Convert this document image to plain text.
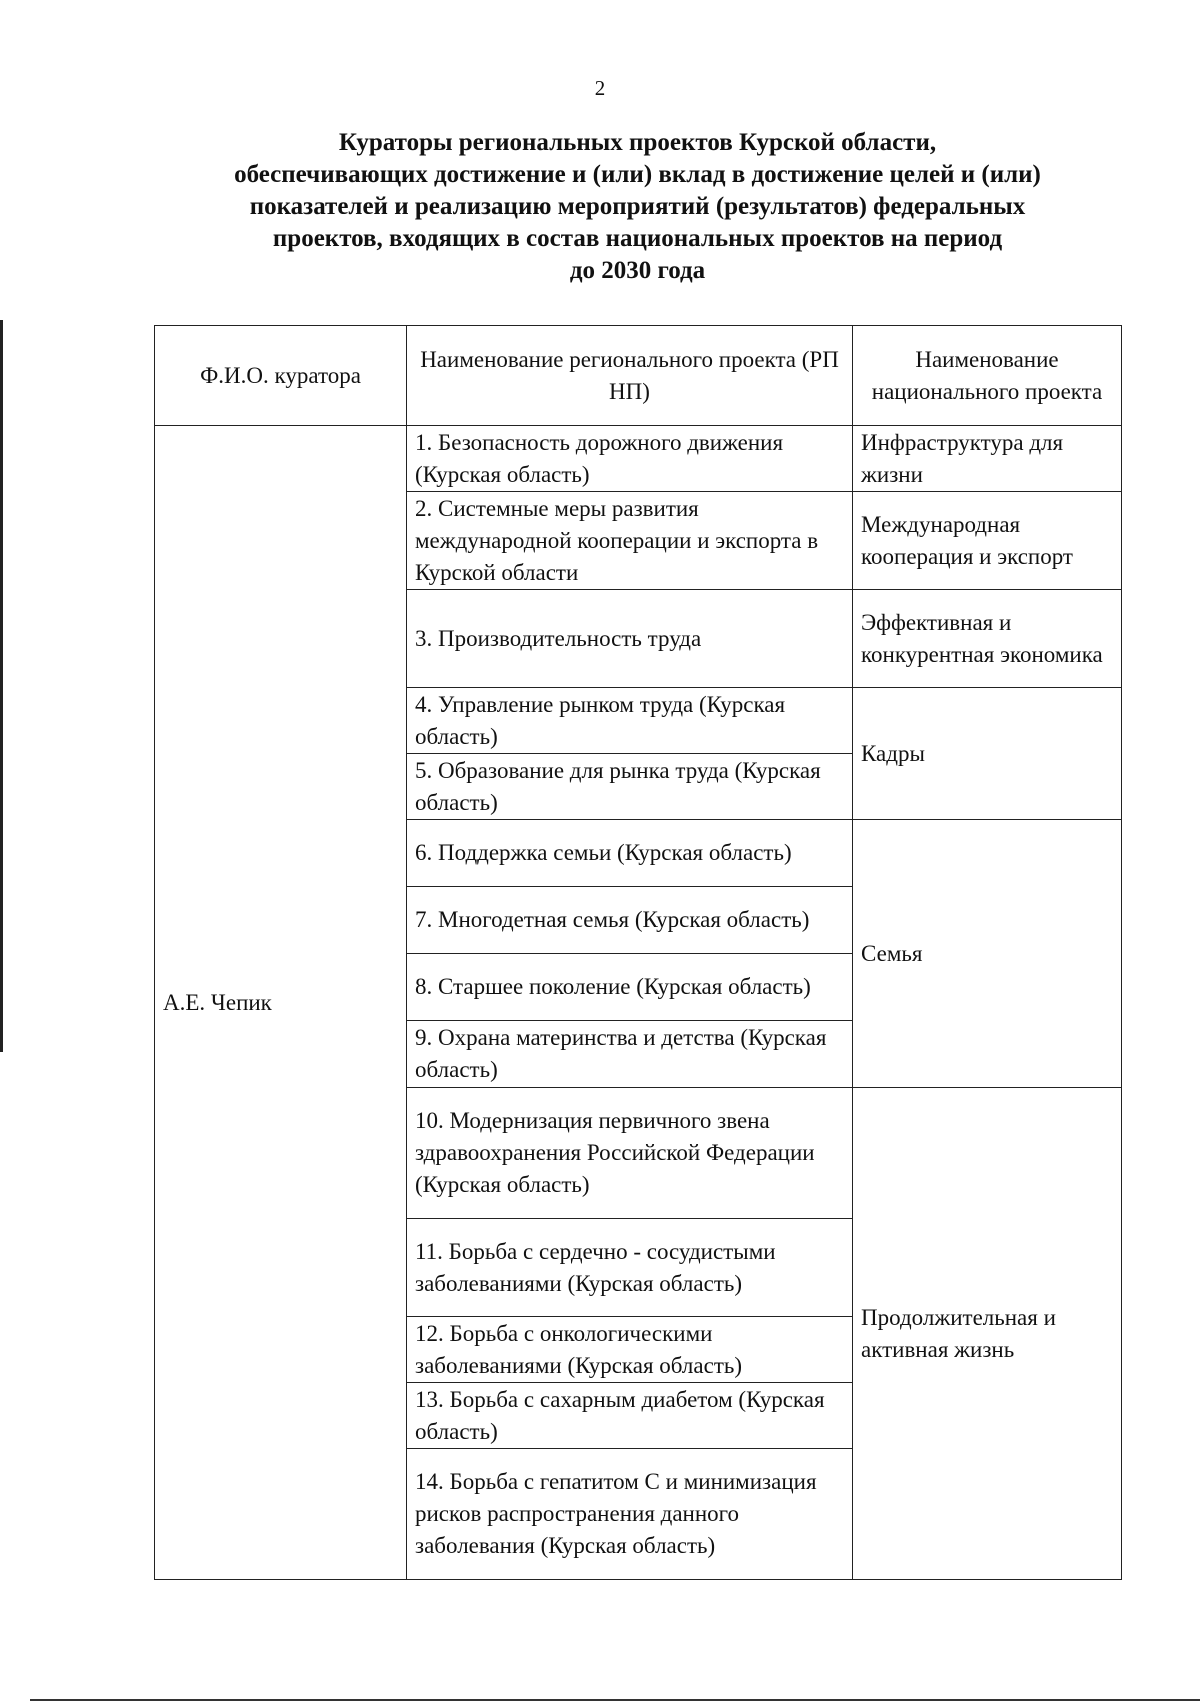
2
Кураторы региональных проектов Курской области,
обеспечивающих достижение и (или) вклад в достижение целей и (или)
показателей и реализацию мероприятий (результатов) федеральных
проектов, входящих в состав национальных проектов на период
до 2030 года
Ф.И.О. куратора	Наименование регионального проекта (РП НП)	Наименование национального проекта
А.Е. Чепик	1. Безопасность дорожного движения (Курская область)	Инфраструктура для жизни
	2. Системные меры развития международной кооперации и экспорта в Курской области	Международная кооперация и экспорт
	3. Производительность труда	Эффективная и конкурентная экономика
	4. Управление рынком труда (Курская область)	Кадры
	5. Образование для рынка труда (Курская область)	
	6. Поддержка семьи (Курская область)	Семья
	7. Многодетная семья (Курская область)	
	8. Старшее поколение (Курская область)	
	9. Охрана материнства и детства (Курская область)	
	10. Модернизация первичного звена здравоохранения Российской Федерации (Курская область)	Продолжительная и активная жизнь
	11. Борьба с сердечно - сосудистыми заболеваниями (Курская область)	
	12. Борьба с онкологическими заболеваниями (Курская область)	
	13. Борьба с сахарным диабетом (Курская область)	
	14. Борьба с гепатитом С и минимизация рисков распространения данного заболевания (Курская область)	
